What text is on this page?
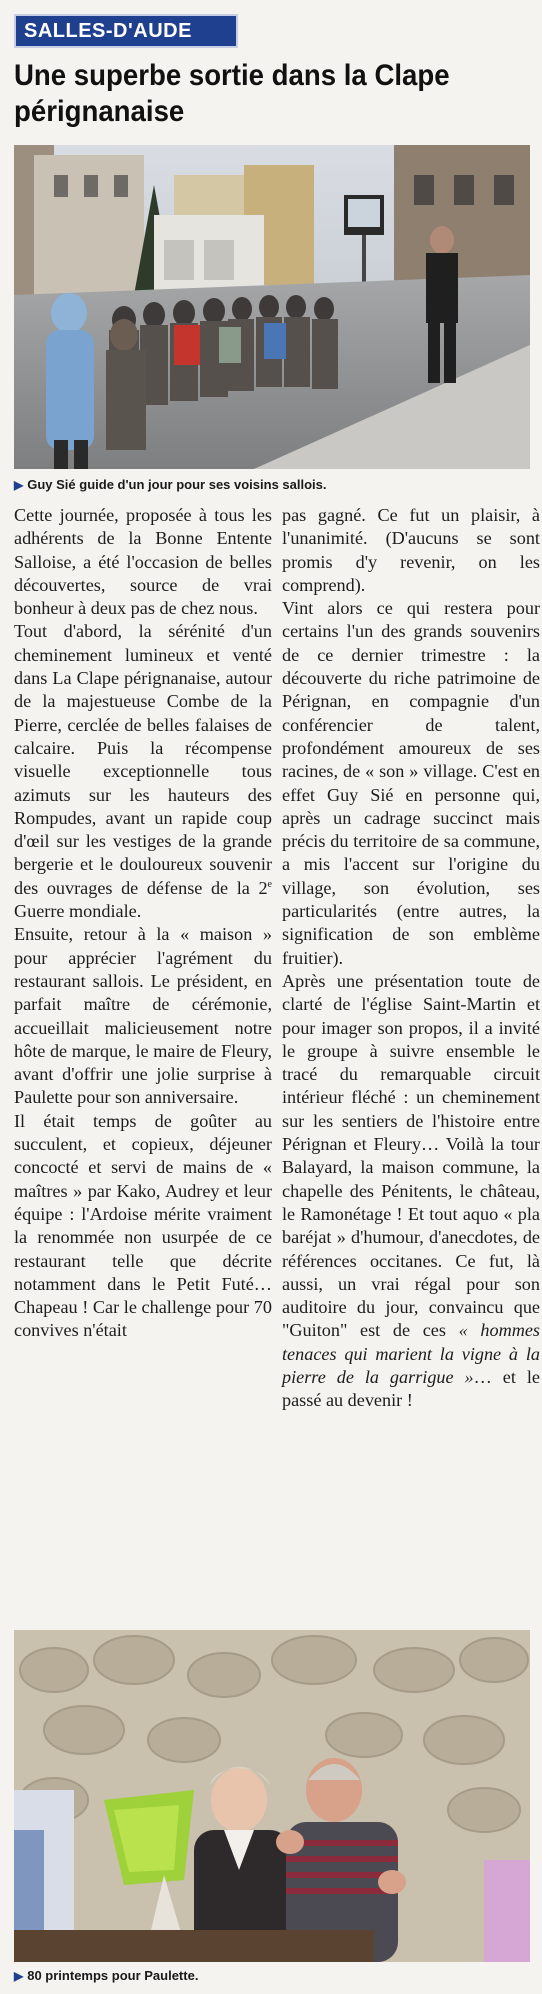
SALLES-D'AUDE
Une superbe sortie dans la Clape pérignanaise
▶ Guy Sié guide d'un jour pour ses voisins sallois.

Cette journée, proposée à tous les adhérents de la Bonne Entente Salloise, a été l'occasion de belles découvertes, source de vrai bonheur à deux pas de chez nous.

Tout d'abord, la sérénité d'un cheminement lumineux et venté dans La Clape pérignanaise, autour de la majestueuse Combe de la Pierre, cerclée de belles falaises de calcaire. Puis la récompense visuelle exceptionnelle tous azimuts sur les hauteurs des Rompudes, avant un rapide coup d'œil sur les vestiges de la grande bergerie et le douloureux souvenir des ouvrages de défense de la 2e Guerre mondiale.

Ensuite, retour à la « maison » pour apprécier l'agrément du restaurant sallois. Le président, en parfait maître de cérémonie, accueillait malicieusement notre hôte de marque, le maire de Fleury, avant d'offrir une jolie surprise à Paulette pour son anniversaire.

Il était temps de goûter au succulent, et copieux, déjeuner concocté et servi de mains de « maîtres » par Kako, Audrey et leur équipe : l'Ardoise mérite vraiment la renommée non usurpée de ce restaurant telle que décrite notamment dans le Petit Futé… Chapeau ! Car le challenge pour 70 convives n'était

pas gagné. Ce fut un plaisir, à l'unanimité. (D'aucuns se sont promis d'y revenir, on les comprend).

Vint alors ce qui restera pour certains l'un des grands souvenirs de ce dernier trimestre : la découverte du riche patrimoine de Pérignan, en compagnie d'un conférencier de talent, profondément amoureux de ses racines, de « son » village. C'est en effet Guy Sié en personne qui, après un cadrage succinct mais précis du territoire de sa commune, a mis l'accent sur l'origine du village, son évolution, ses particularités (entre autres, la signification de son emblème fruitier).

Après une présentation toute de clarté de l'église Saint-Martin et pour imager son propos, il a invité le groupe à suivre ensemble le tracé du remarquable circuit intérieur fléché : un cheminement sur les sentiers de l'histoire entre Pérignan et Fleury… Voilà la tour Balayard, la maison commune, la chapelle des Pénitents, le château, le Ramonétage ! Et tout aquo « pla baréjat » d'humour, d'anecdotes, de références occitanes. Ce fut, là aussi, un vrai régal pour son auditoire du jour, convaincu que "Guiton" est de ces « hommes tenaces qui marient la vigne à la pierre de la garrigue »… et le passé au devenir !

▶ 80 printemps pour Paulette.
